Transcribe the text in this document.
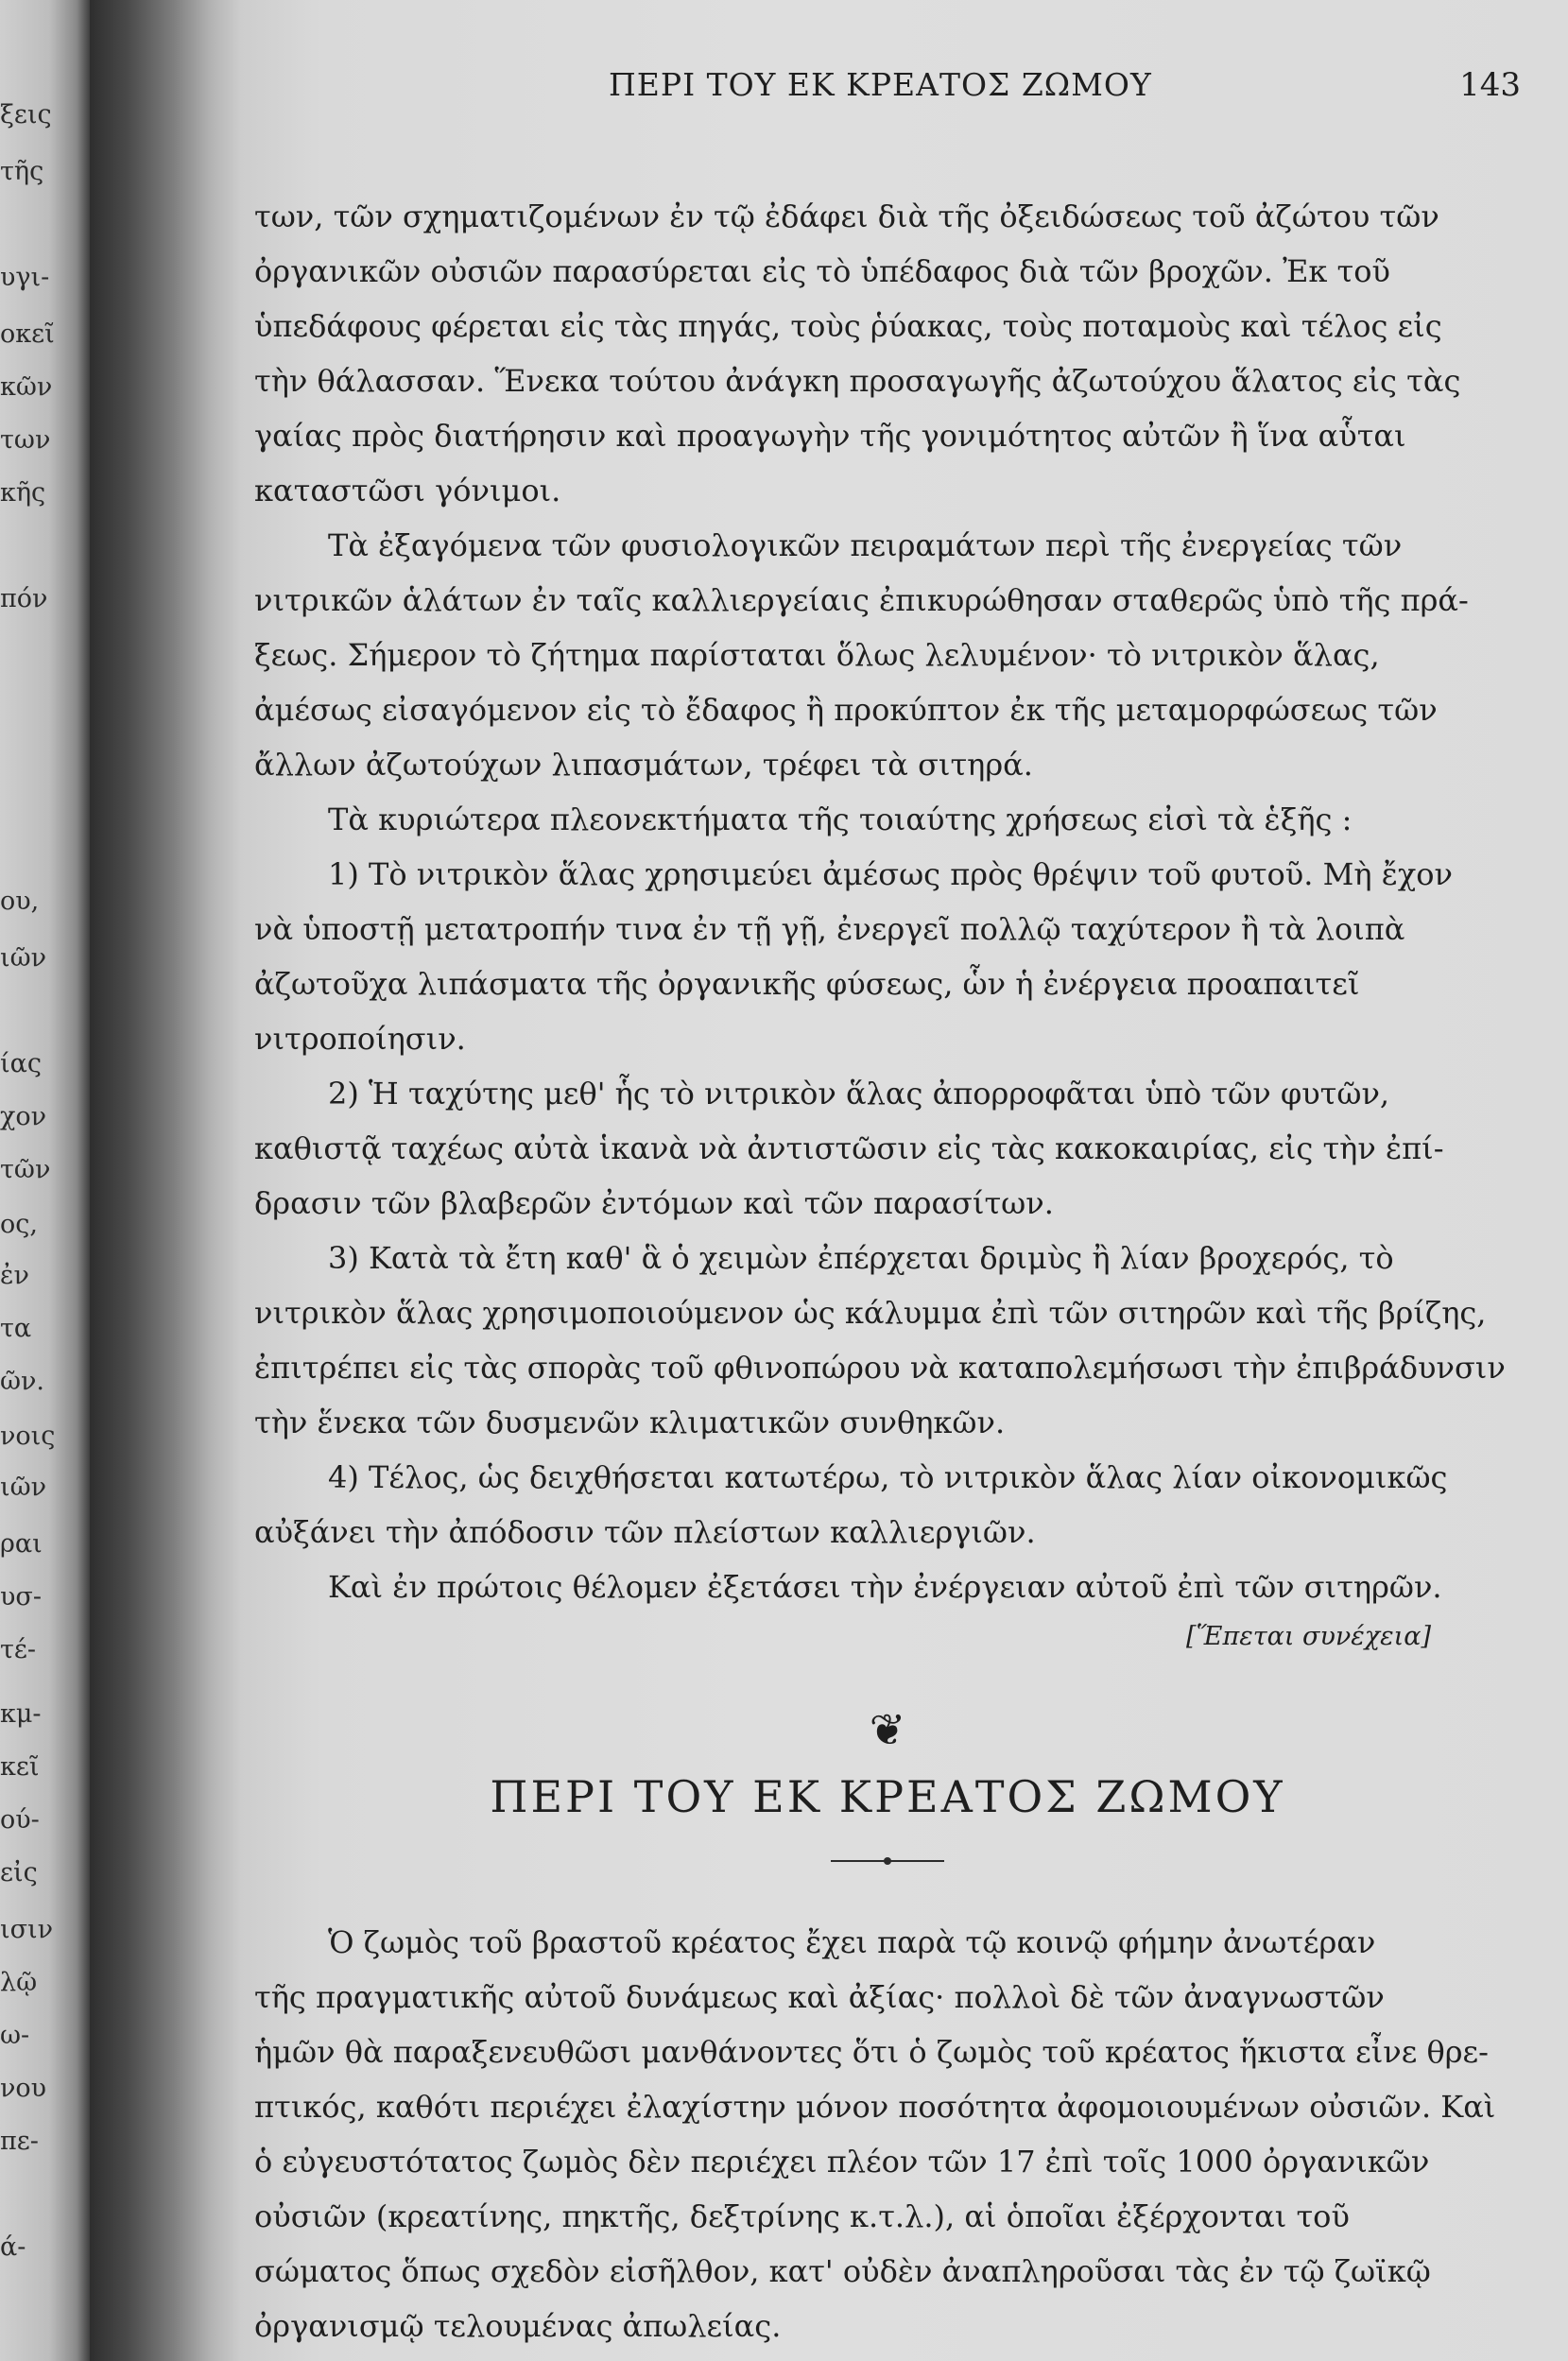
ξεις
τῆς
υγι-
οκεῖ
κῶν
των
κῆς
πόν
ου,
ιῶν
ίας
χον
τῶν
ος,
ἐν
τα
ῶν.
νοις
ιῶν
ραι
υσ-
τέ-
κμ-
κεῖ
ού-
εἰς
ισιν
λῷ
ω-
νου
πε-
ά-
ΠΕΡΙ ΤΟΥ ΕΚ ΚΡΕΑΤΟΣ ΖΩΜΟΥ	143

των, τῶν σχηματιζομένων ἐν τῷ ἐδάφει διὰ τῆς ὀξειδώσεως τοῦ ἀζώτου τῶν
ὀργανικῶν οὐσιῶν παρασύρεται εἰς τὸ ὑπέδαφος διὰ τῶν βροχῶν. Ἐκ τοῦ
ὑπεδάφους φέρεται εἰς τὰς πηγάς, τοὺς ῥύακας, τοὺς ποταμοὺς καὶ τέλος εἰς
τὴν θάλασσαν. Ἕνεκα τούτου ἀνάγκη προσαγωγῆς ἀζωτούχου ἅλατος εἰς τὰς
γαίας πρὸς διατήρησιν καὶ προαγωγὴν τῆς γονιμότητος αὐτῶν ἢ ἵνα αὗται
καταστῶσι γόνιμοι.

Τὰ ἐξαγόμενα τῶν φυσιολογικῶν πειραμάτων περὶ τῆς ἐνεργείας τῶν
νιτρικῶν ἁλάτων ἐν ταῖς καλλιεργείαις ἐπικυρώθησαν σταθερῶς ὑπὸ τῆς πρά-
ξεως. Σήμερον τὸ ζήτημα παρίσταται ὅλως λελυμένον· τὸ νιτρικὸν ἅλας,
ἀμέσως εἰσαγόμενον εἰς τὸ ἔδαφος ἢ προκύπτον ἐκ τῆς μεταμορφώσεως τῶν
ἄλλων ἀζωτούχων λιπασμάτων, τρέφει τὰ σιτηρά.

Τὰ κυριώτερα πλεονεκτήματα τῆς τοιαύτης χρήσεως εἰσὶ τὰ ἑξῆς :

1) Τὸ νιτρικὸν ἅλας χρησιμεύει ἀμέσως πρὸς θρέψιν τοῦ φυτοῦ. Μὴ ἔχον
νὰ ὑποστῇ μετατροπήν τινα ἐν τῇ γῇ, ἐνεργεῖ πολλῷ ταχύτερον ἢ τὰ λοιπὰ
ἀζωτοῦχα λιπάσματα τῆς ὀργανικῆς φύσεως, ὧν ἡ ἐνέργεια προαπαιτεῖ
νιτροποίησιν.

2) Ἡ ταχύτης μεθ' ἧς τὸ νιτρικὸν ἅλας ἀπορροφᾶται ὑπὸ τῶν φυτῶν,
καθιστᾷ ταχέως αὐτὰ ἱκανὰ νὰ ἀντιστῶσιν εἰς τὰς κακοκαιρίας, εἰς τὴν ἐπί-
δρασιν τῶν βλαβερῶν ἐντόμων καὶ τῶν παρασίτων.

3) Κατὰ τὰ ἔτη καθ' ἃ ὁ χειμὼν ἐπέρχεται δριμὺς ἢ λίαν βροχερός, τὸ
νιτρικὸν ἅλας χρησιμοποιούμενον ὡς κάλυμμα ἐπὶ τῶν σιτηρῶν καὶ τῆς βρίζης,
ἐπιτρέπει εἰς τὰς σπορὰς τοῦ φθινοπώρου νὰ καταπολεμήσωσι τὴν ἐπιβράδυνσιν
τὴν ἕνεκα τῶν δυσμενῶν κλιματικῶν συνθηκῶν.

4) Τέλος, ὡς δειχθήσεται κατωτέρω, τὸ νιτρικὸν ἅλας λίαν οἰκονομικῶς
αὐξάνει τὴν ἀπόδοσιν τῶν πλείστων καλλιεργιῶν.

Καὶ ἐν πρώτοις θέλομεν ἐξετάσει τὴν ἐνέργειαν αὐτοῦ ἐπὶ τῶν σιτηρῶν.

[Ἕπεται συνέχεια]
❦
ΠΕΡΙ ΤΟΥ ΕΚ ΚΡΕΑΤΟΣ ΖΩΜΟΥ

Ὁ ζωμὸς τοῦ βραστοῦ κρέατος ἔχει παρὰ τῷ κοινῷ φήμην ἀνωτέραν
τῆς πραγματικῆς αὐτοῦ δυνάμεως καὶ ἀξίας· πολλοὶ δὲ τῶν ἀναγνωστῶν
ἡμῶν θὰ παραξενευθῶσι μανθάνοντες ὅτι ὁ ζωμὸς τοῦ κρέατος ἥκιστα εἶνε θρε-
πτικός, καθότι περιέχει ἐλαχίστην μόνον ποσότητα ἀφομοιουμένων οὐσιῶν. Καὶ
ὁ εὐγευστότατος ζωμὸς δὲν περιέχει πλέον τῶν 17 ἐπὶ τοῖς 1000 ὀργανικῶν
οὐσιῶν (κρεατίνης, πηκτῆς, δεξτρίνης κ.τ.λ.), αἱ ὁποῖαι ἐξέρχονται τοῦ
σώματος ὅπως σχεδὸν εἰσῆλθον, κατ' οὐδὲν ἀναπληροῦσαι τὰς ἐν τῷ ζωϊκῷ
ὀργανισμῷ τελουμένας ἀπωλείας.
